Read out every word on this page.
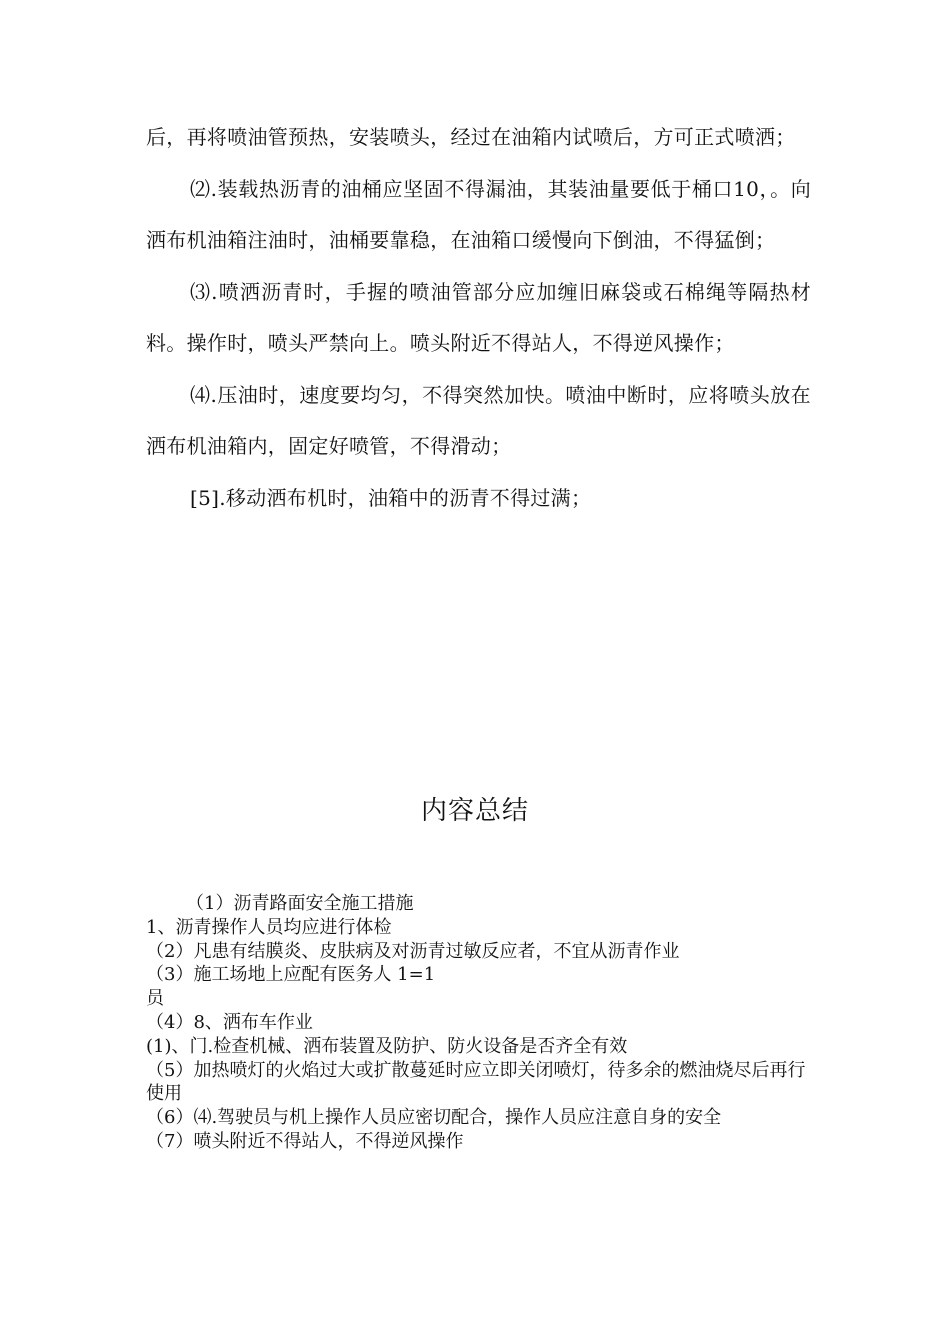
后，再将喷油管预热，安装喷头，经过在油箱内试喷后，方可正式喷洒；

⑵.装载热沥青的油桶应坚固不得漏油，其装油量要低于桶口10，。向洒布机油箱注油时，油桶要靠稳，在油箱口缓慢向下倒油，不得猛倒；

⑶.喷洒沥青时，手握的喷油管部分应加缠旧麻袋或石棉绳等隔热材料。操作时，喷头严禁向上。喷头附近不得站人，不得逆风操作；

⑷.压油时，速度要均匀，不得突然加快。喷油中断时，应将喷头放在洒布机油箱内，固定好喷管，不得滑动；

[5].移动洒布机时，油箱中的沥青不得过满；

内容总结
（1）沥青路面安全施工措施
1、沥青操作人员均应进行体检
（2）凡患有结膜炎、皮肤病及对沥青过敏反应者，不宜从沥青作业
（3）施工场地上应配有医务人 1=1
员
（4）8、洒布车作业
(1)、门.检查机械、洒布装置及防护、防火设备是否齐全有效
（5）加热喷灯的火焰过大或扩散蔓延时应立即关闭喷灯，待多余的燃油烧尽后再行使用
（6）⑷.驾驶员与机上操作人员应密切配合，操作人员应注意自身的安全
（7）喷头附近不得站人，不得逆风操作
